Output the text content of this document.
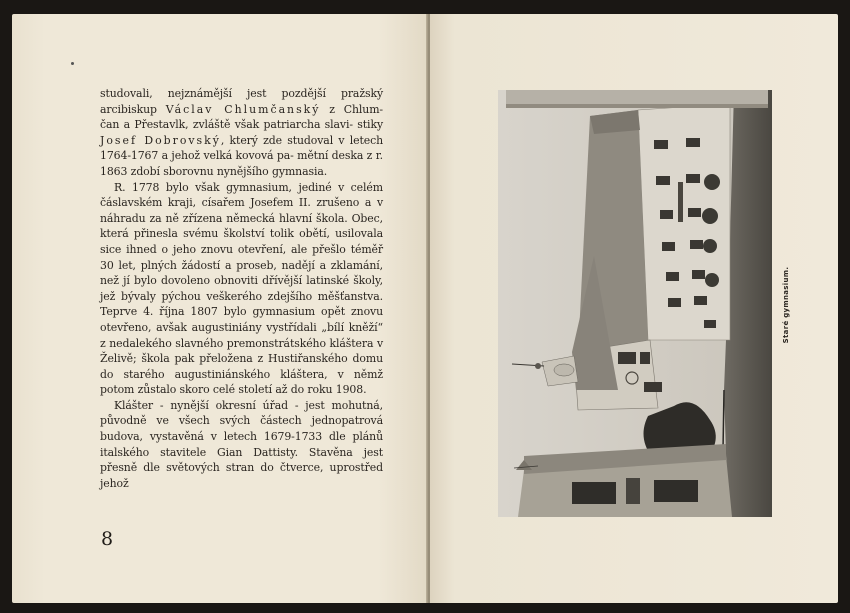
studovali, nejznámější jest pozdější pražský arcibiskup Václav Chlumčanský z Chlum- čan a Přestavlk, zvláště však patriarcha slavi- stiky Josef Dobrovský, který zde studoval v letech 1764-1767 a jehož velká kovová pa- mětní deska z r. 1863 zdobí sborovnu nynějšího gymnasia.

R. 1778 bylo však gymnasium, jediné v celém čáslavském kraji, císařem Josefem II. zrušeno a v náhradu za ně zřízena německá hlavní škola. Obec, která přinesla svému školství tolik obětí, usilovala sice ihned o jeho znovu otevření, ale přešlo téměř 30 let, plných žádostí a proseb, nadějí a zklamání, než jí bylo dovoleno obnoviti dřívější latinské školy, jež bývaly pýchou veškerého zdejšího měšťanstva. Teprve 4. října 1807 bylo gymnasium opět znovu otevřeno, avšak augustiniány vystřídali „bílí kněží“ z nedalekého slavného premonstrátského kláštera v Želivě; škola pak přeložena z Hustiřanského domu do starého augustiniánského kláštera, v němž potom zůstalo skoro celé století až do roku 1908.

Klášter - nynější okresní úřad - jest mohutná, původně ve všech svých částech jednopatrová budova, vystavěná v letech 1679-1733 dle plánů italského stavitele Gian Dattisty. Stavěna jest přesně dle světových stran do čtverce, uprostřed jehož

8
Staré gymnasium.
